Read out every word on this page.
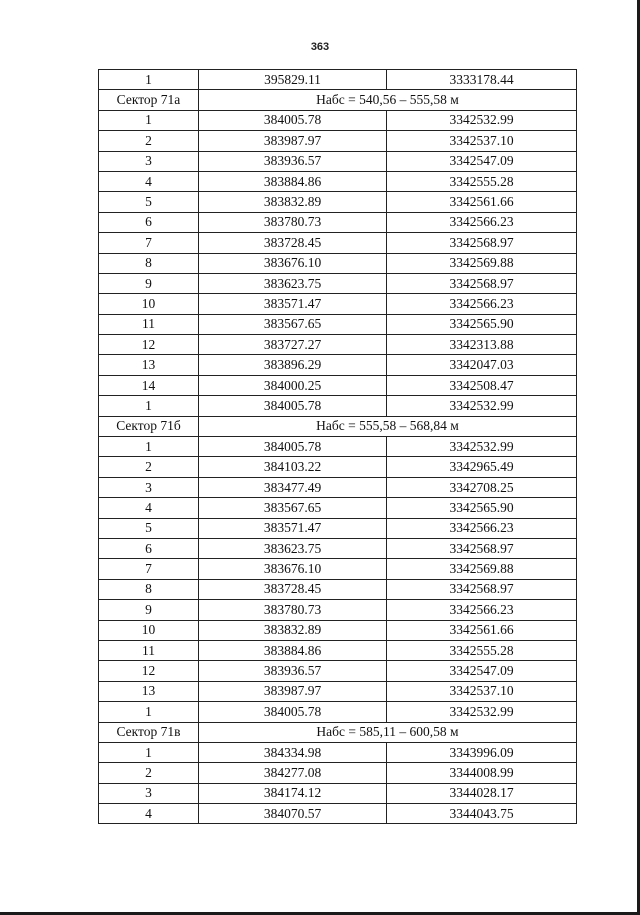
363
1	395829.11	3333178.44
Сектор 71а	Набс = 540,56 – 555,58 м	
1	384005.78	3342532.99
2	383987.97	3342537.10
3	383936.57	3342547.09
4	383884.86	3342555.28
5	383832.89	3342561.66
6	383780.73	3342566.23
7	383728.45	3342568.97
8	383676.10	3342569.88
9	383623.75	3342568.97
10	383571.47	3342566.23
11	383567.65	3342565.90
12	383727.27	3342313.88
13	383896.29	3342047.03
14	384000.25	3342508.47
1	384005.78	3342532.99
Сектор 71б	Набс = 555,58 – 568,84 м	
1	384005.78	3342532.99
2	384103.22	3342965.49
3	383477.49	3342708.25
4	383567.65	3342565.90
5	383571.47	3342566.23
6	383623.75	3342568.97
7	383676.10	3342569.88
8	383728.45	3342568.97
9	383780.73	3342566.23
10	383832.89	3342561.66
11	383884.86	3342555.28
12	383936.57	3342547.09
13	383987.97	3342537.10
1	384005.78	3342532.99
Сектор 71в	Набс = 585,11 – 600,58 м	
1	384334.98	3343996.09
2	384277.08	3344008.99
3	384174.12	3344028.17
4	384070.57	3344043.75
